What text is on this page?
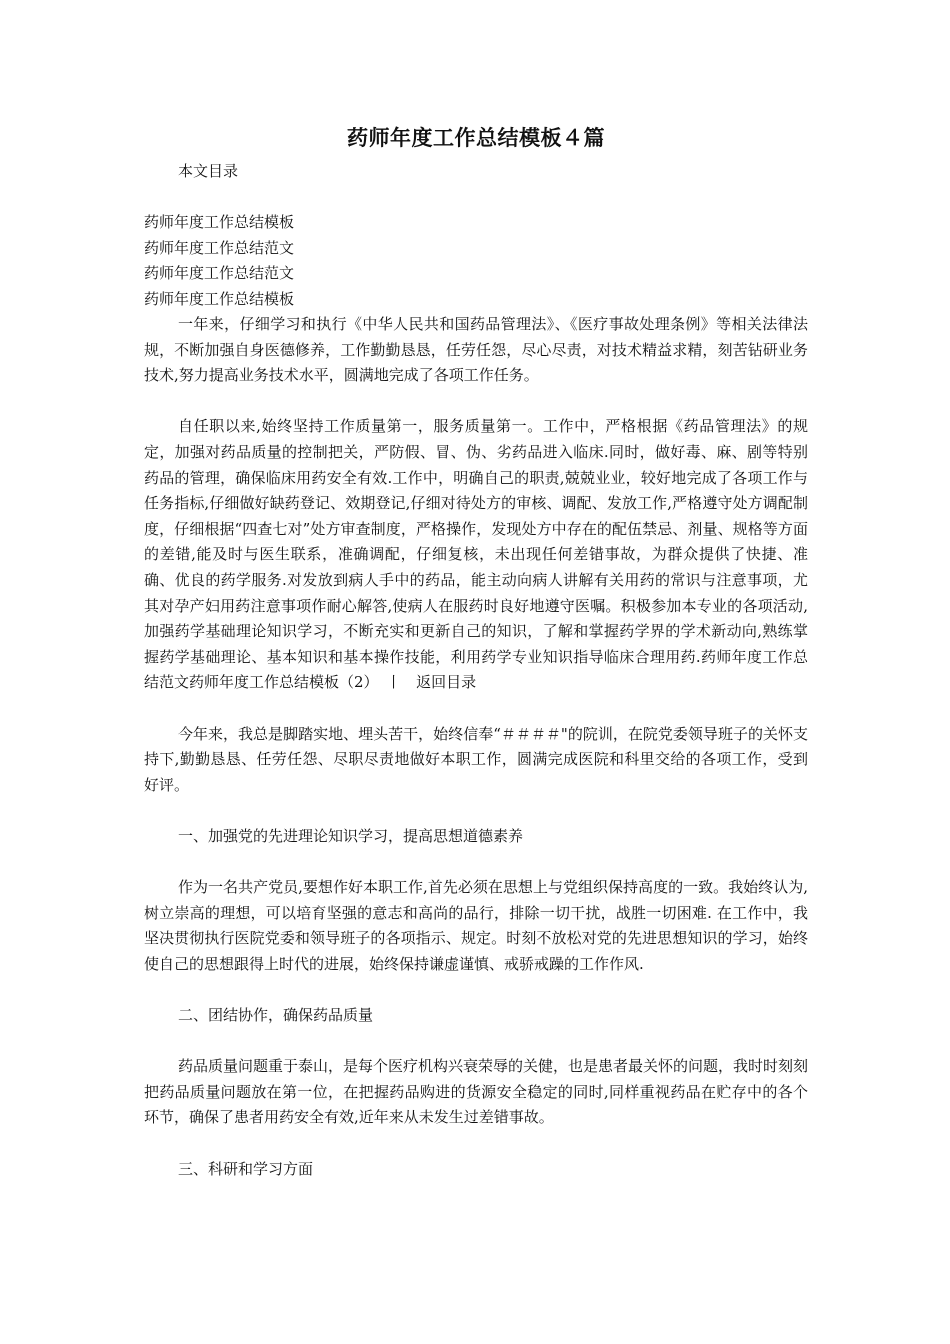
药师年度工作总结模板４篇
本文目录
药师年度工作总结模板
药师年度工作总结范文
药师年度工作总结范文
药师年度工作总结模板

一年来，仔细学习和执行《中华人民共和国药品管理法》、《医疗事故处理条例》等相关法律法规，不断加强自身医德修养，工作勤勤恳恳，任劳任怨，尽心尽责，对技术精益求精，刻苦钻研业务技术,努力提高业务技术水平，圆满地完成了各项工作任务。

自任职以来,始终坚持工作质量第一，服务质量第一。工作中，严格根据《药品管理法》的规定，加强对药品质量的控制把关，严防假、冒、伪、劣药品进入临床.同时，做好毒、麻、剧等特别药品的管理，确保临床用药安全有效.工作中，明确自己的职责,兢兢业业，较好地完成了各项工作与任务指标,仔细做好缺药登记、效期登记,仔细对待处方的审核、调配、发放工作,严格遵守处方调配制度，仔细根据“四查七对”处方审查制度，严格操作，发现处方中存在的配伍禁忌、剂量、规格等方面的差错,能及时与医生联系，准确调配，仔细复核，未出现任何差错事故，为群众提供了快捷、准确、优良的药学服务.对发放到病人手中的药品，能主动向病人讲解有关用药的常识与注意事项，尤其对孕产妇用药注意事项作耐心解答,使病人在服药时良好地遵守医嘱。积极参加本专业的各项活动,加强药学基础理论知识学习，不断充实和更新自己的知识，了解和掌握药学界的学术新动向,熟练掌握药学基础理论、基本知识和基本操作技能，利用药学专业知识指导临床合理用药.药师年度工作总结范文药师年度工作总结模板（2）　 丨　返回目录

今年来，我总是脚踏实地、埋头苦干，始终信奉“＃＃＃＃"的院训，在院党委领导班子的关怀支持下,勤勤恳恳、任劳任怨、尽职尽责地做好本职工作，圆满完成医院和科里交给的各项工作，受到好评。

一、加强党的先进理论知识学习，提高思想道德素养

作为一名共产党员,要想作好本职工作,首先必须在思想上与党组织保持高度的一致。我始终认为,树立崇高的理想，可以培育坚强的意志和高尚的品行，排除一切干扰，战胜一切困难. 在工作中，我坚决贯彻执行医院党委和领导班子的各项指示、规定。时刻不放松对党的先进思想知识的学习，始终使自己的思想跟得上时代的进展，始终保持谦虚谨慎、戒骄戒躁的工作作风.

二、团结协作，确保药品质量

药品质量问题重于泰山，是每个医疗机构兴衰荣辱的关健，也是患者最关怀的问题，我时时刻刻把药品质量问题放在第一位，在把握药品购进的货源安全稳定的同时,同样重视药品在贮存中的各个环节，确保了患者用药安全有效,近年来从未发生过差错事故。

三、科研和学习方面
